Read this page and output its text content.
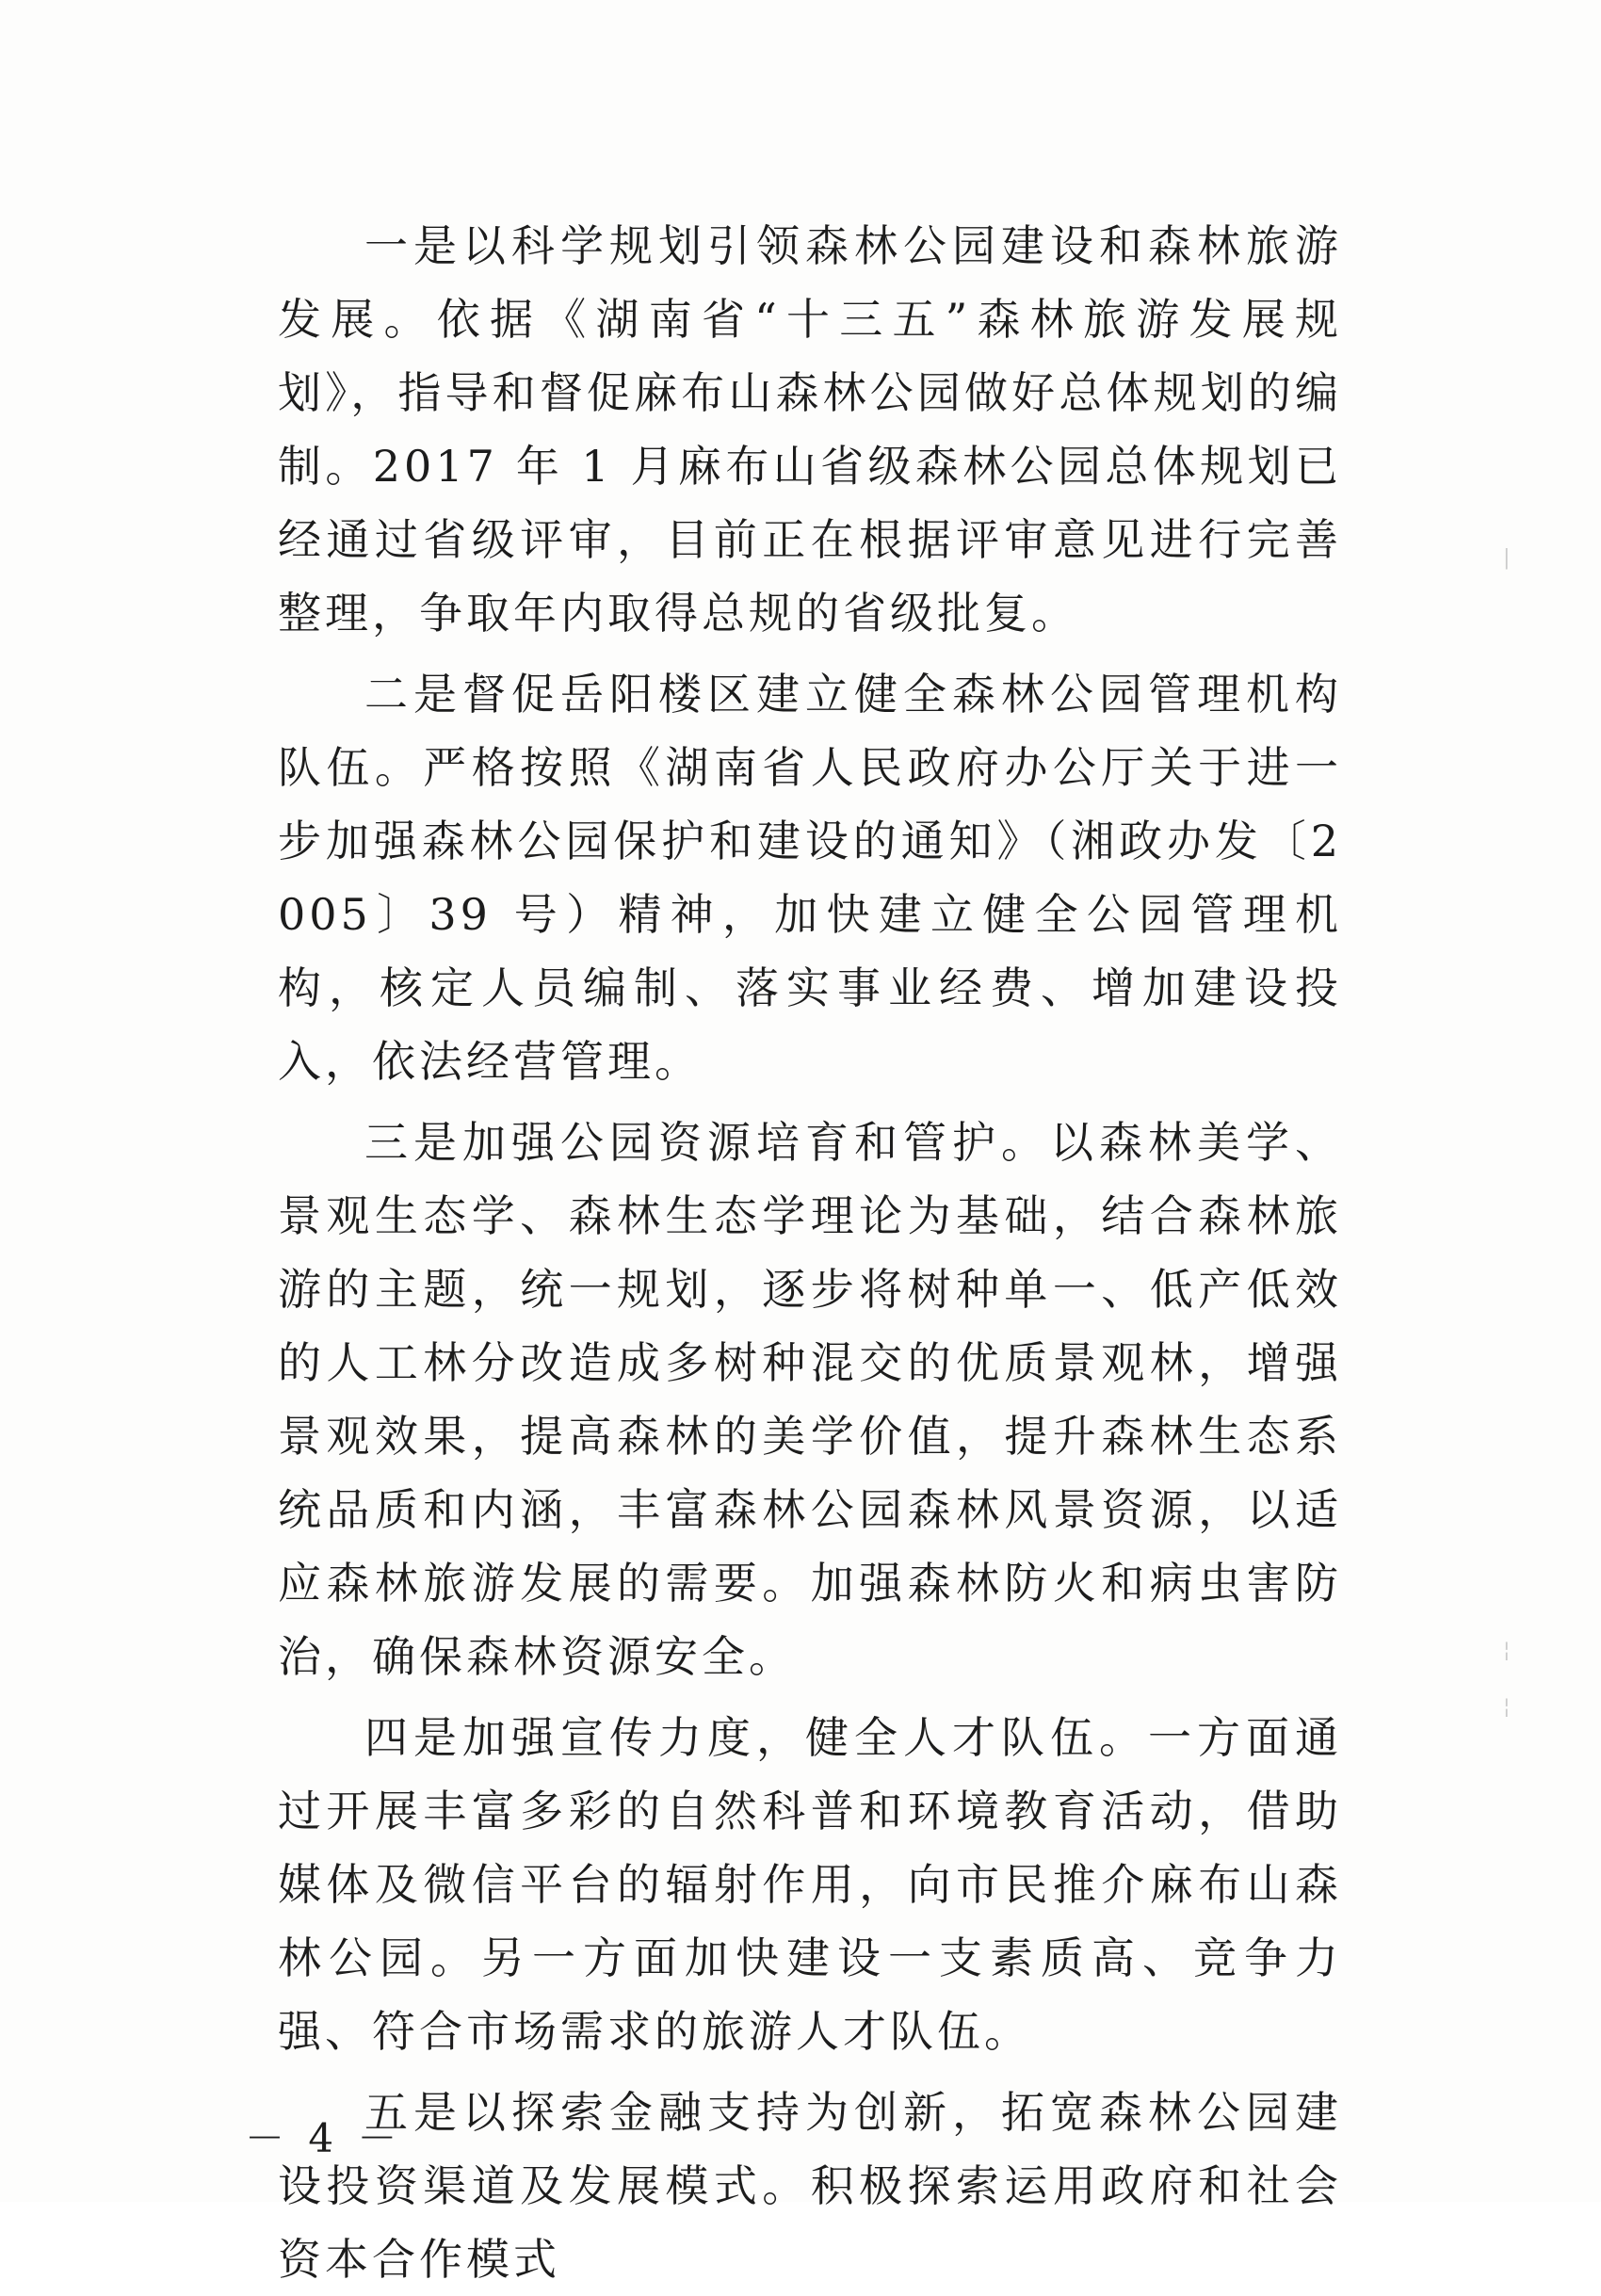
一是以科学规划引领森林公园建设和森林旅游发展。依据《湖南省“十三五”森林旅游发展规划》，指导和督促麻布山森林公园做好总体规划的编制。2017 年 1 月麻布山省级森林公园总体规划已经通过省级评审，目前正在根据评审意见进行完善整理，争取年内取得总规的省级批复。

二是督促岳阳楼区建立健全森林公园管理机构队伍。严格按照《湖南省人民政府办公厅关于进一步加强森林公园保护和建设的通知》（湘政办发〔2005〕39 号）精神，加快建立健全公园管理机构，核定人员编制、落实事业经费、增加建设投入，依法经营管理。

三是加强公园资源培育和管护。以森林美学、景观生态学、森林生态学理论为基础，结合森林旅游的主题，统一规划，逐步将树种单一、低产低效的人工林分改造成多树种混交的优质景观林，增强景观效果，提高森林的美学价值，提升森林生态系统品质和内涵，丰富森林公园森林风景资源，以适应森林旅游发展的需要。加强森林防火和病虫害防治，确保森林资源安全。

四是加强宣传力度，健全人才队伍。一方面通过开展丰富多彩的自然科普和环境教育活动，借助媒体及微信平台的辐射作用，向市民推介麻布山森林公园。另一方面加快建设一支素质高、竞争力强、符合市场需求的旅游人才队伍。

五是以探索金融支持为创新，拓宽森林公园建设投资渠道及发展模式。积极探索运用政府和社会资本合作模式

－ 4 －
|
¦
¦
